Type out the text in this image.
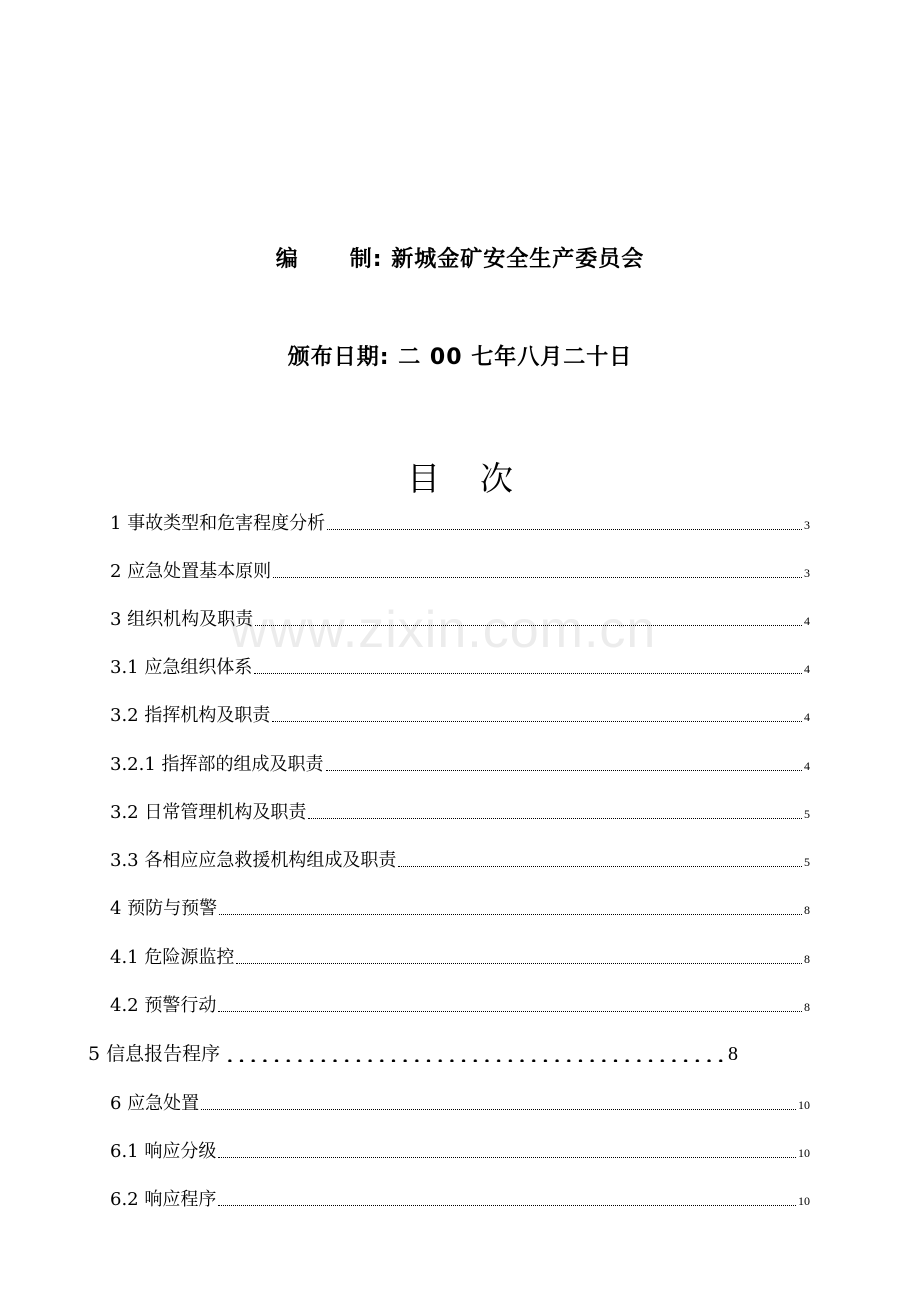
编 制: 新城金矿安全生产委员会
颁布日期: 二 00 七年八月二十日
目 次
www.zixin.com.cn
1 事故类型和危害程度分析	3
2 应急处置基本原则	3
3 组织机构及职责	4
3.1 应急组织体系	4
3.2 指挥机构及职责	4
3.2.1 指挥部的组成及职责	4
3.2 日常管理机构及职责	5
3.3 各相应应急救援机构组成及职责	5
4 预防与预警	8
4.1 危险源监控	8
4.2 预警行动	8
5 信息报告程序	8
6 应急处置	10
6.1 响应分级	10
6.2 响应程序	10
